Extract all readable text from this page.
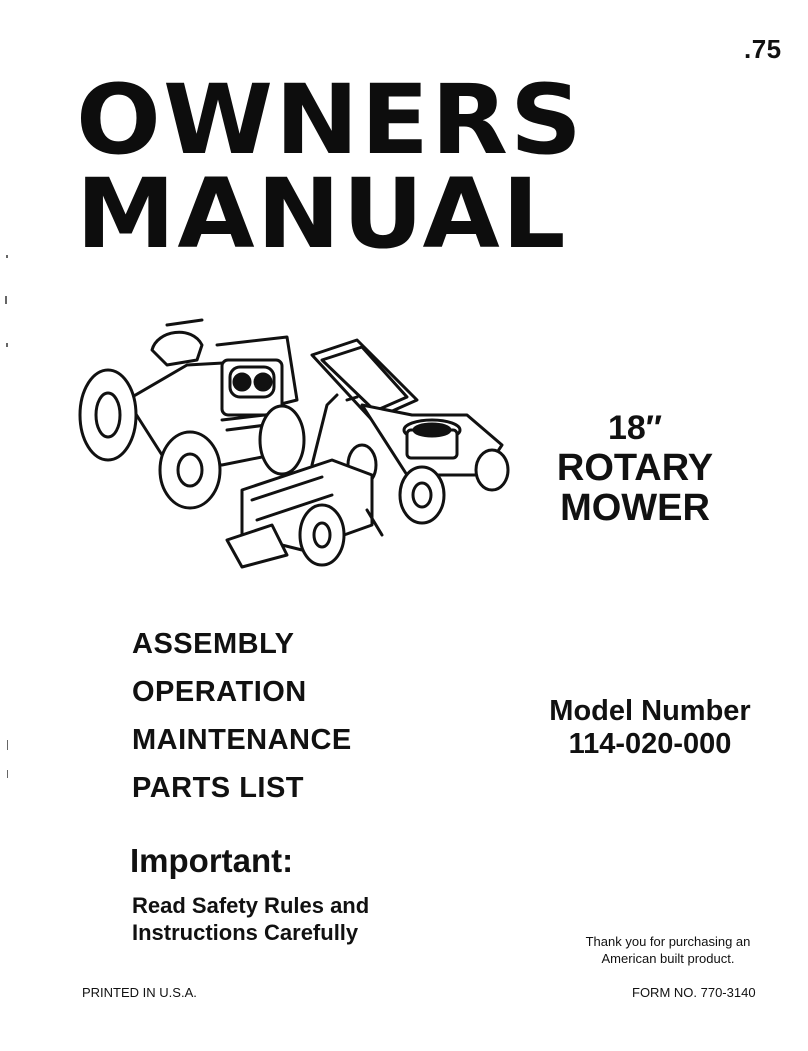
.75
OWNERS
MANUAL
18″
ROTARY
MOWER
ASSEMBLY
OPERATION
MAINTENANCE
PARTS LIST
Model Number
114-020-000
Important:
Read Safety Rules and
Instructions Carefully	Thank you for purchasing an
American built product.
PRINTED IN U.S.A.	FORM NO. 770-3140
